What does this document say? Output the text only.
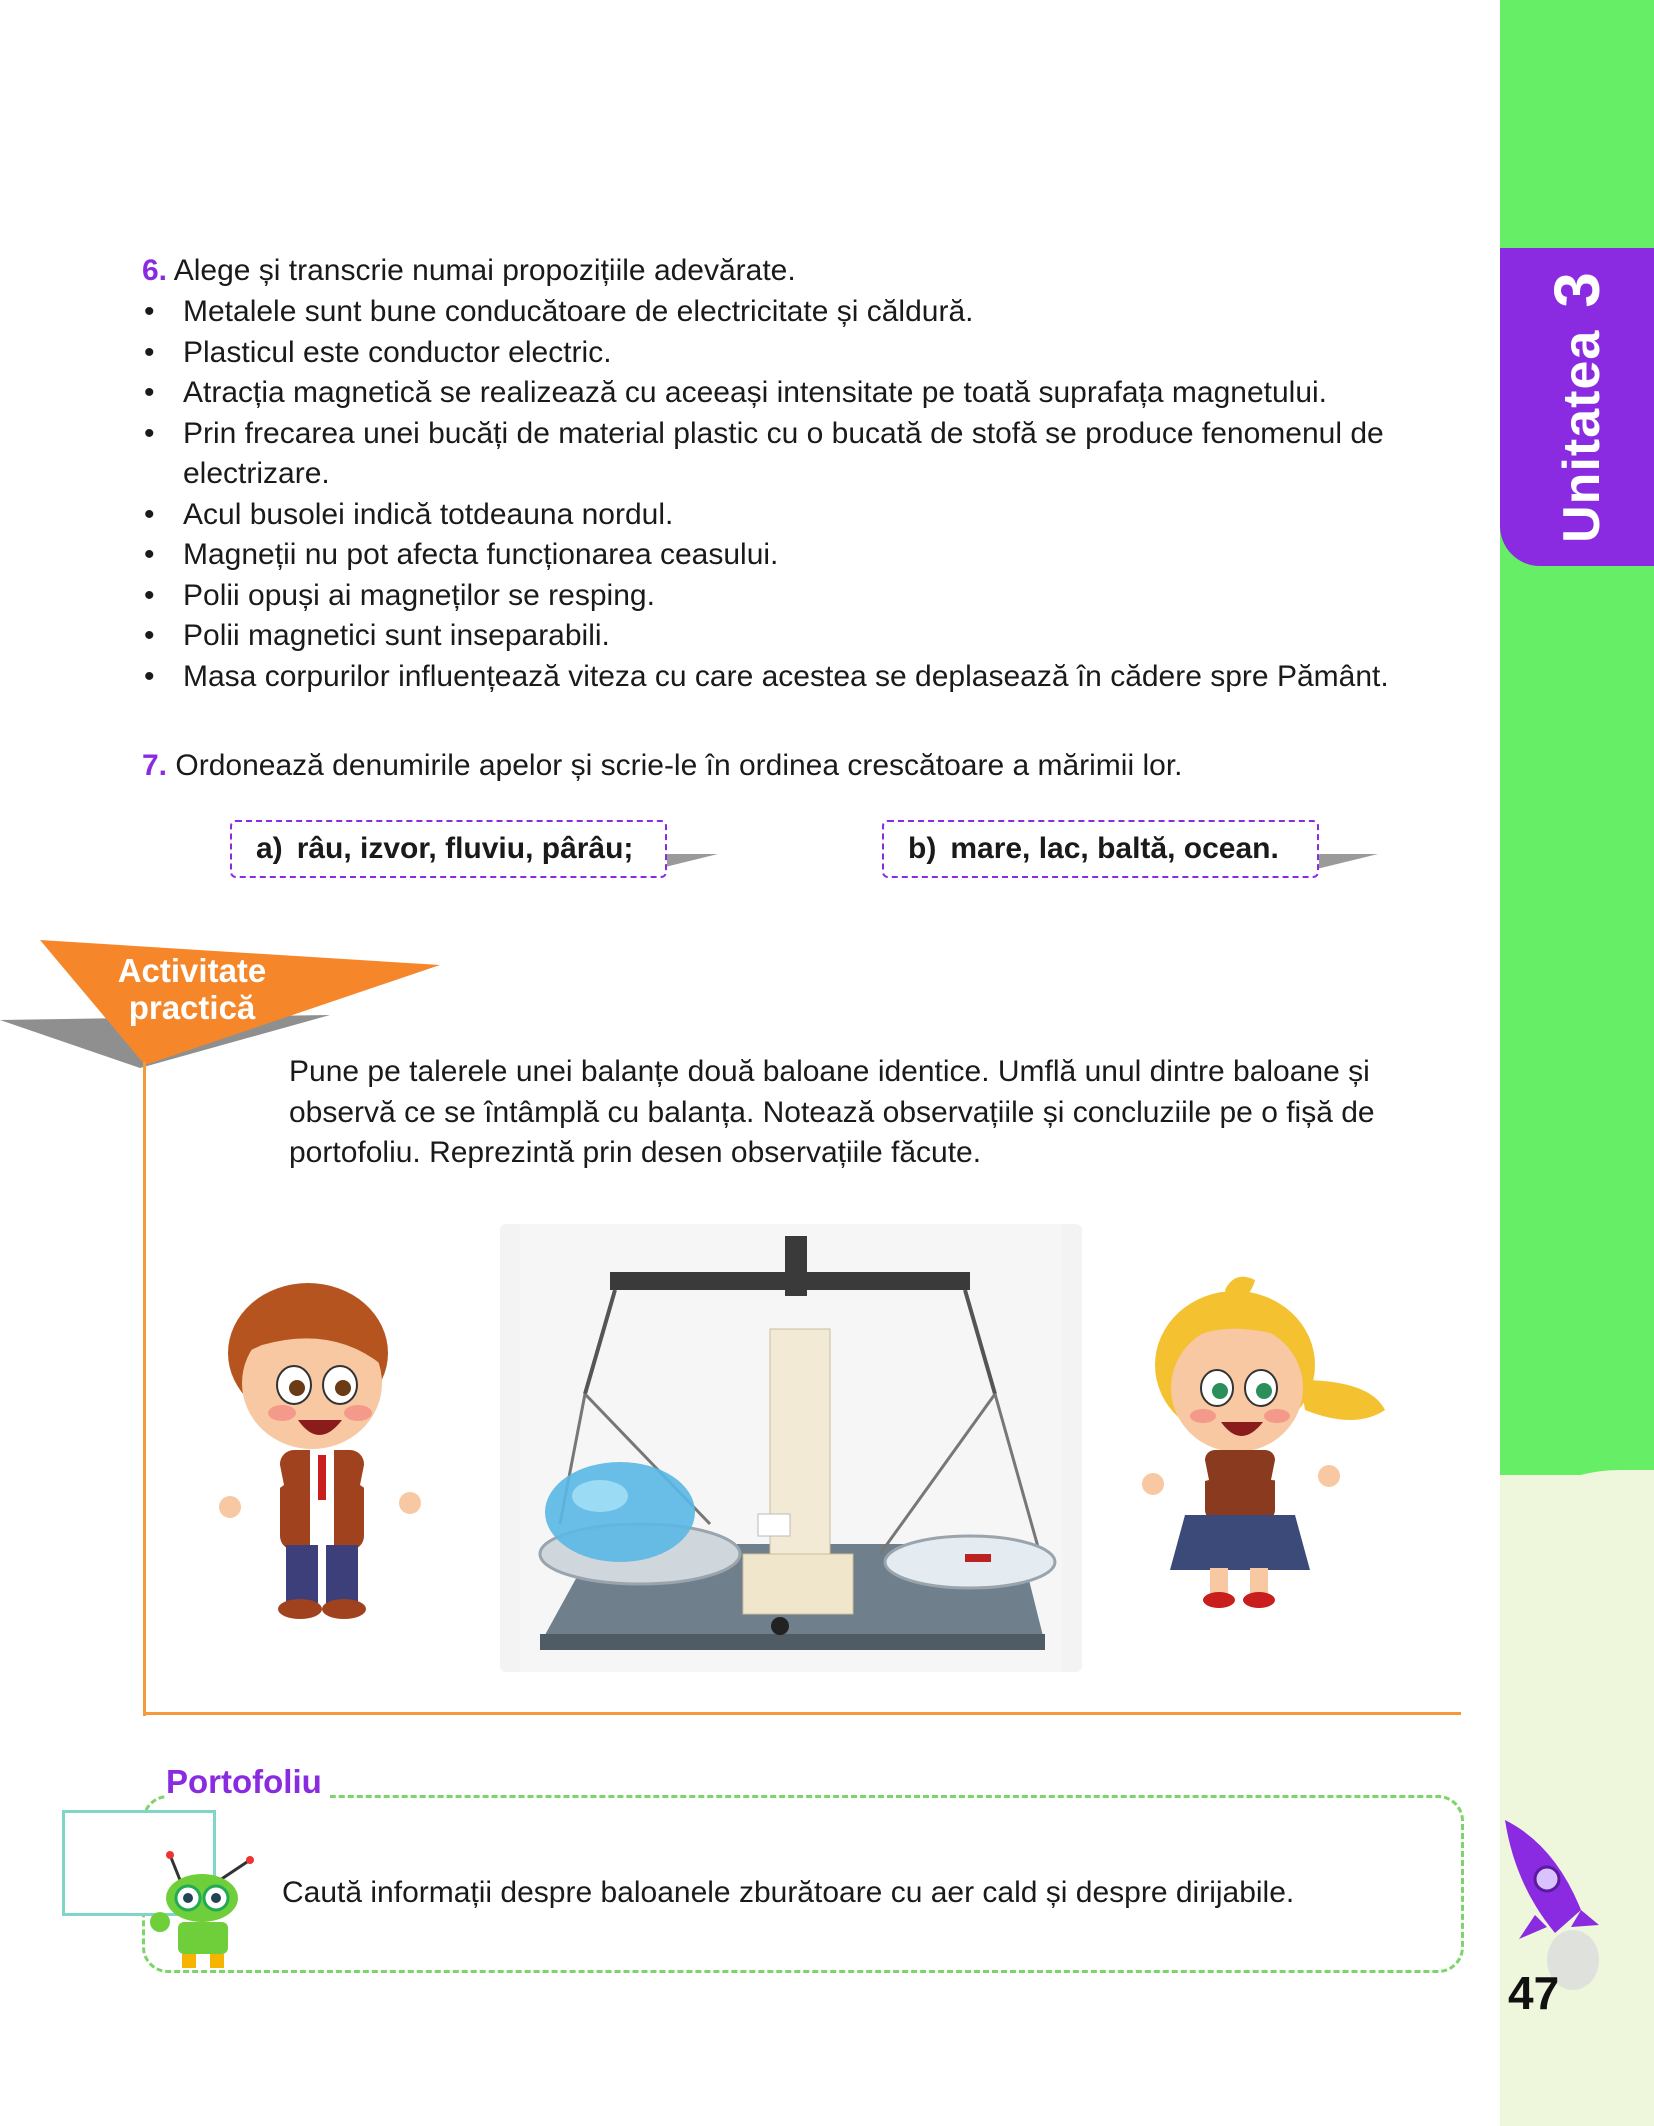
Unitatea3
6. Alege și transcrie numai propozițiile adevărate.
• Metalele sunt bune conducătoare de electricitate și căldură.
• Plasticul este conductor electric.
• Atracția magnetică se realizează cu aceeași intensitate pe toată suprafața magnetului.
• Prin frecarea unei bucăți de material plastic cu o bucată de stofă se produce fenomenul de electrizare.
• Acul busolei indică totdeauna nordul.
• Magneții nu pot afecta funcționarea ceasului.
• Polii opuși ai magneților se resping.
• Polii magnetici sunt inseparabili.
• Masa corpurilor influențează viteza cu care acestea se deplasează în cădere spre Pământ.
7. Ordonează denumirile apelor și scrie-le în ordinea crescătoare a mărimii lor.
a) râu, izvor, fluviu, pârâu;	b) mare, lac, baltă, ocean.
Activitate
practică
Pune pe talerele unei balanțe două baloane identice. Umflă unul dintre baloane și observă ce se întâmplă cu balanța. Notează observațiile și concluziile pe o fișă de portofoliu. Reprezintă prin desen observațiile făcute.
Portofoliu
Caută informații despre baloanele zburătoare cu aer cald și despre dirijabile.
47
